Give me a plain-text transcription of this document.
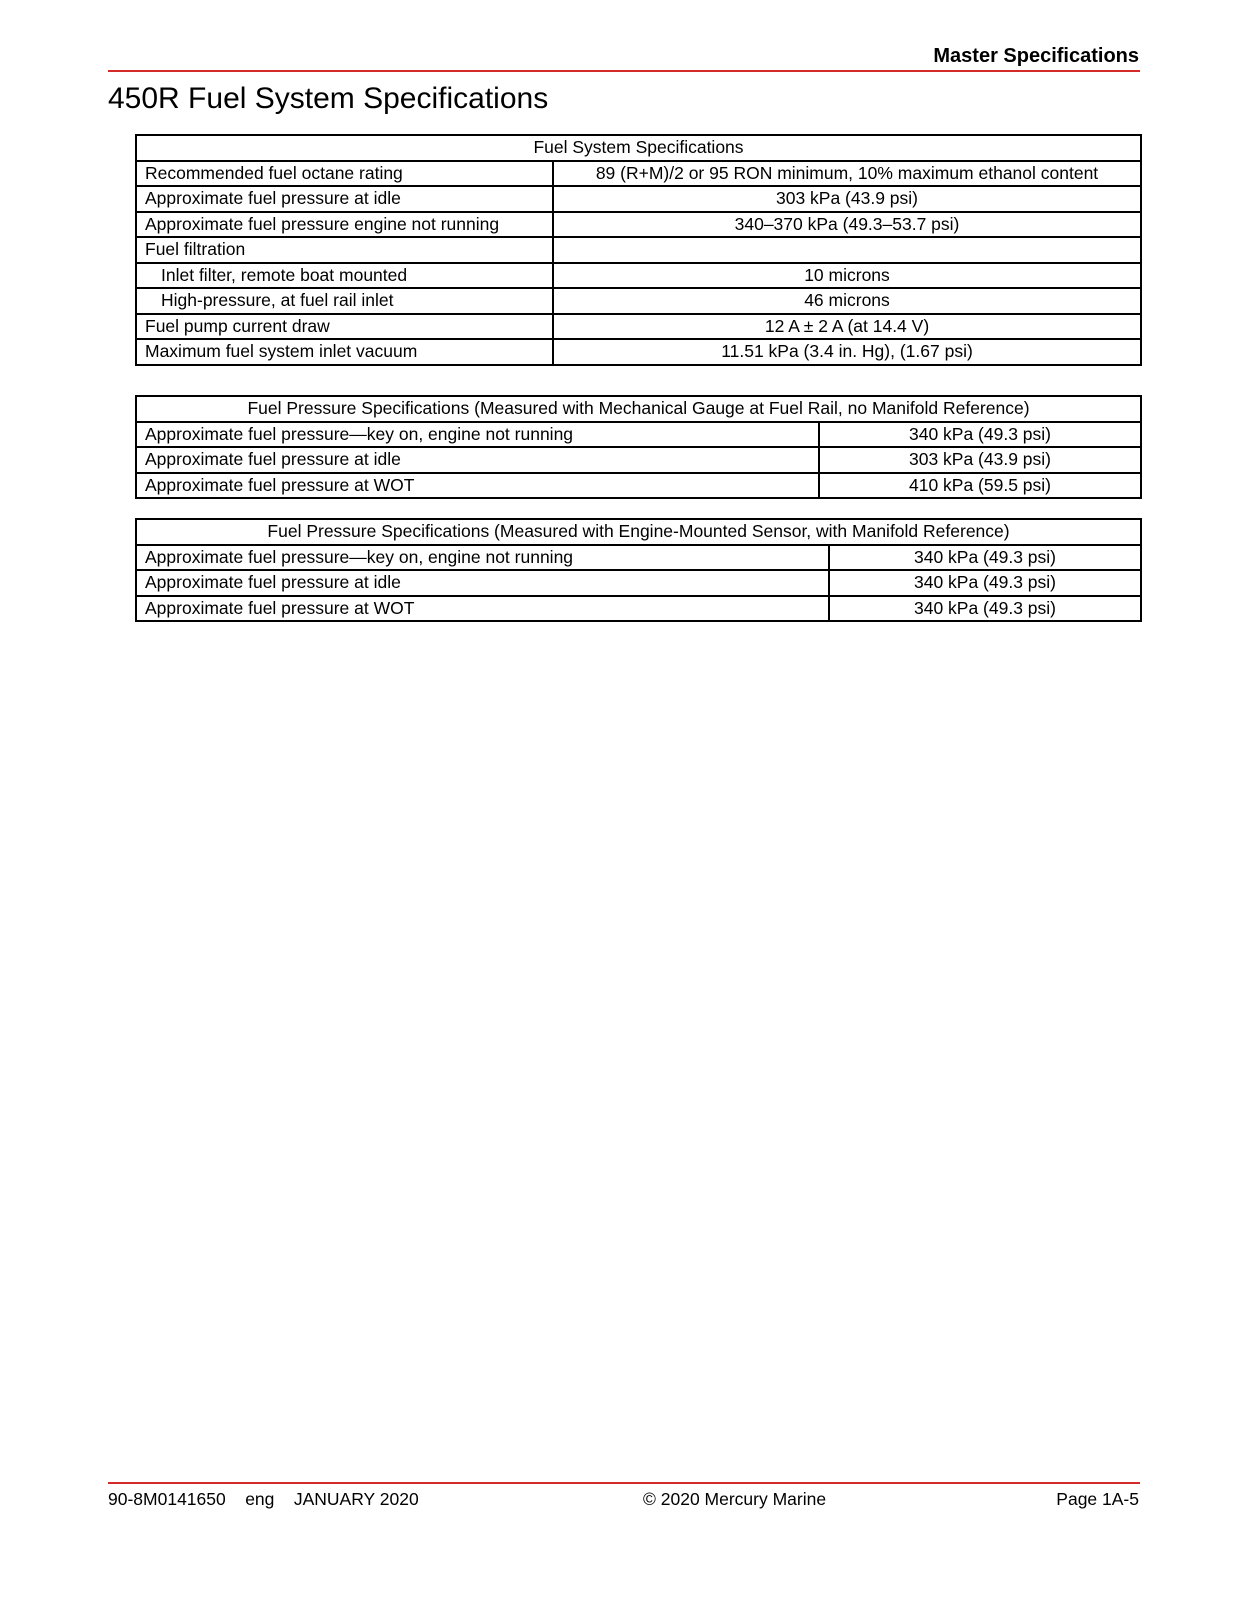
Master Specifications
450R Fuel System Specifications
Fuel System Specifications	
Recommended fuel octane rating	89 (R+M)/2 or 95 RON minimum, 10% maximum ethanol content
Approximate fuel pressure at idle	303 kPa (43.9 psi)
Approximate fuel pressure engine not running	340–370 kPa (49.3–53.7 psi)
Fuel filtration	
Inlet filter, remote boat mounted	10 microns
High-pressure, at fuel rail inlet	46 microns
Fuel pump current draw	12 A ± 2 A (at 14.4 V)
Maximum fuel system inlet vacuum	11.51 kPa (3.4 in. Hg), (1.67 psi)
Fuel Pressure Specifications (Measured with Mechanical Gauge at Fuel Rail, no Manifold Reference)	
Approximate fuel pressure—key on, engine not running	340 kPa (49.3 psi)
Approximate fuel pressure at idle	303 kPa (43.9 psi)
Approximate fuel pressure at WOT	410 kPa (59.5 psi)
Fuel Pressure Specifications (Measured with Engine-Mounted Sensor, with Manifold Reference)	
Approximate fuel pressure—key on, engine not running	340 kPa (49.3 psi)
Approximate fuel pressure at idle	340 kPa (49.3 psi)
Approximate fuel pressure at WOT	340 kPa (49.3 psi)
90-8M0141650 eng JANUARY 2020	© 2020 Mercury Marine	Page 1A-5
